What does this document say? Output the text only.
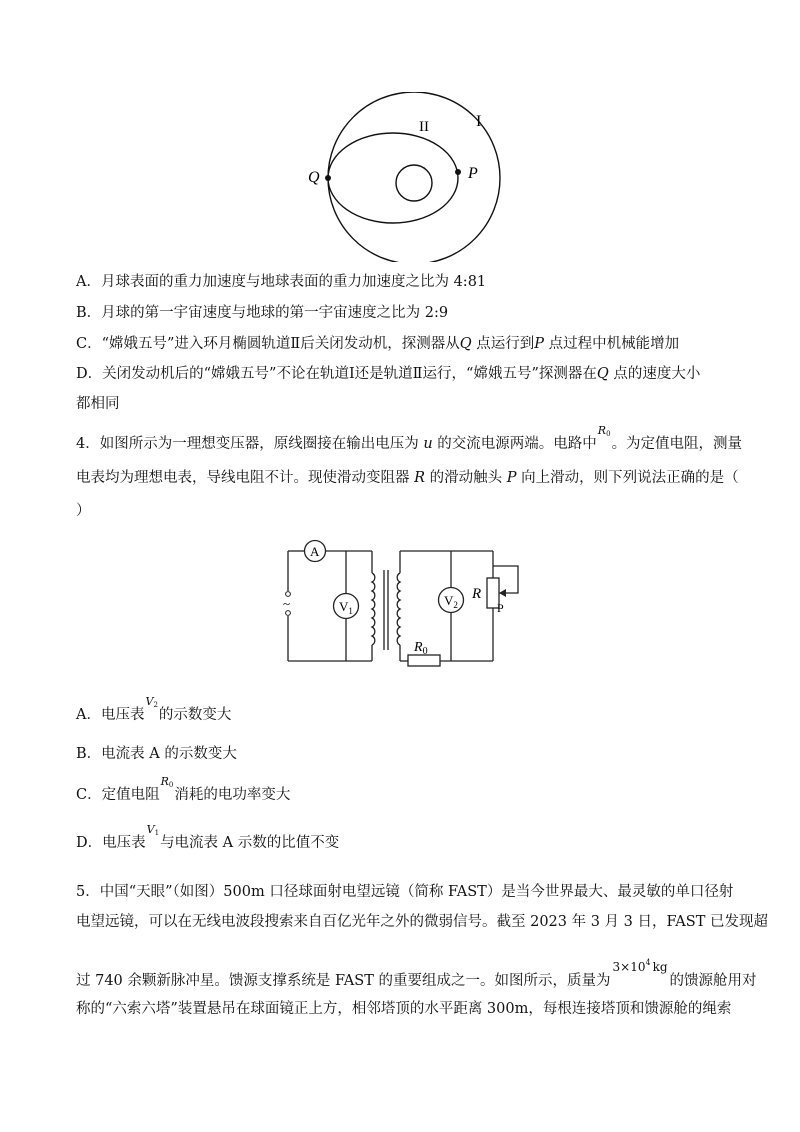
Q	P
I
II
A．月球表面的重力加速度与地球表面的重力加速度之比为 4:81
B．月球的第一宇宙速度与地球的第一宇宙速度之比为 2:9
C．“嫦娥五号”进入环月椭圆轨道Ⅱ后关闭发动机，探测器从Q 点运行到P 点过程中机械能增加
D．关闭发动机后的“嫦娥五号”不论在轨道Ⅰ还是轨道Ⅱ运行，“嫦娥五号”探测器在Q 点的速度大小
都相同
4．如图所示为一理想变压器，原线圈接在输出电压为 u 的交流电源两端。电路中$R_0$。为定值电阻，测量
电表均为理想电表，导线电阻不计。现使滑动变阻器 R 的滑动触头 P 向上滑动，则下列说法正确的是（
）
~
A
$V_1$
$V_2$
$R_0$
R
P
A．电压表$V_2$的示数变大
B．电流表 A 的示数变大
C．定值电阻$R_0$消耗的电功率变大
D．电压表$V_1$与电流表 A 示数的比值不变
5．中国“天眼”（如图）500m 口径球面射电望远镜（简称 FAST）是当今世界最大、最灵敏的单口径射
电望远镜，可以在无线电波段搜索来自百亿光年之外的微弱信号。截至 2023 年 3 月 3 日，FAST 已发现超
过 740 余颗新脉冲星。馈源支撑系统是 FAST 的重要组成之一。如图所示，质量为$3\times 10^4$ kg的馈源舱用对
称的“六索六塔”装置悬吊在球面镜正上方，相邻塔顶的水平距离 300m，每根连接塔顶和馈源舱的绳索
